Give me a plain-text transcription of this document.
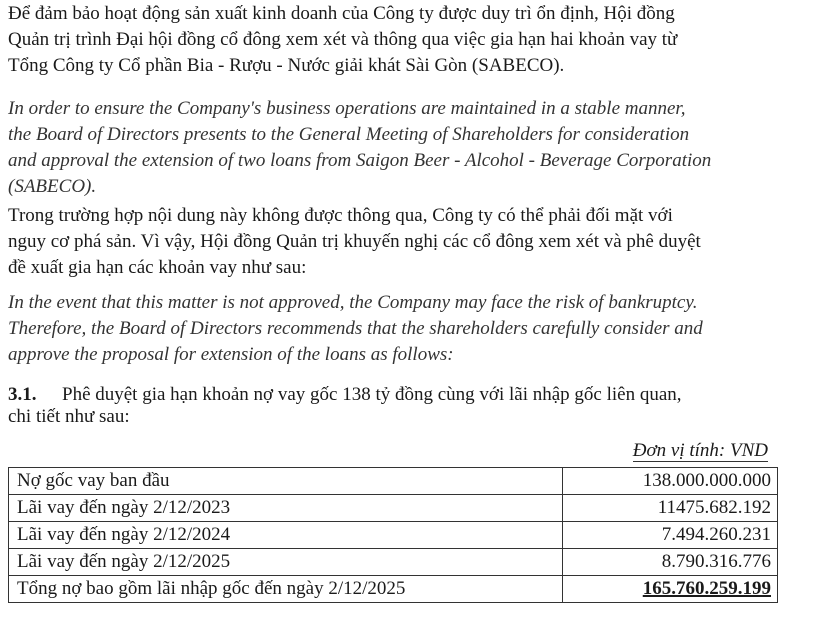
Để đảm bảo hoạt động sản xuất kinh doanh của Công ty được duy trì ổn định, Hội đồng
Quản trị trình Đại hội đồng cổ đông xem xét và thông qua việc gia hạn hai khoản vay từ
Tổng Công ty Cổ phần Bia - Rượu - Nước giải khát Sài Gòn (SABECO).

In order to ensure the Company's business operations are maintained in a stable manner,
the Board of Directors presents to the General Meeting of Shareholders for consideration
and approval the extension of two loans from Saigon Beer - Alcohol - Beverage Corporation
(SABECO).

Trong trường hợp nội dung này không được thông qua, Công ty có thể phải đối mặt với
nguy cơ phá sản. Vì vậy, Hội đồng Quản trị khuyến nghị các cổ đông xem xét và phê duyệt
đề xuất gia hạn các khoản vay như sau:

In the event that this matter is not approved, the Company may face the risk of bankruptcy.
Therefore, the Board of Directors recommends that the shareholders carefully consider and
approve the proposal for extension of the loans as follows:

3.1. Phê duyệt gia hạn khoản nợ vay gốc 138 tỷ đồng cùng với lãi nhập gốc liên quan,
chi tiết như sau:
Đơn vị tính: VND
Nợ gốc vay ban đầu	138.000.000.000
Lãi vay đến ngày 2/12/2023	11475.682.192
Lãi vay đến ngày 2/12/2024	7.494.260.231
Lãi vay đến ngày 2/12/2025	8.790.316.776
Tổng nợ bao gồm lãi nhập gốc đến ngày 2/12/2025	165.760.259.199
